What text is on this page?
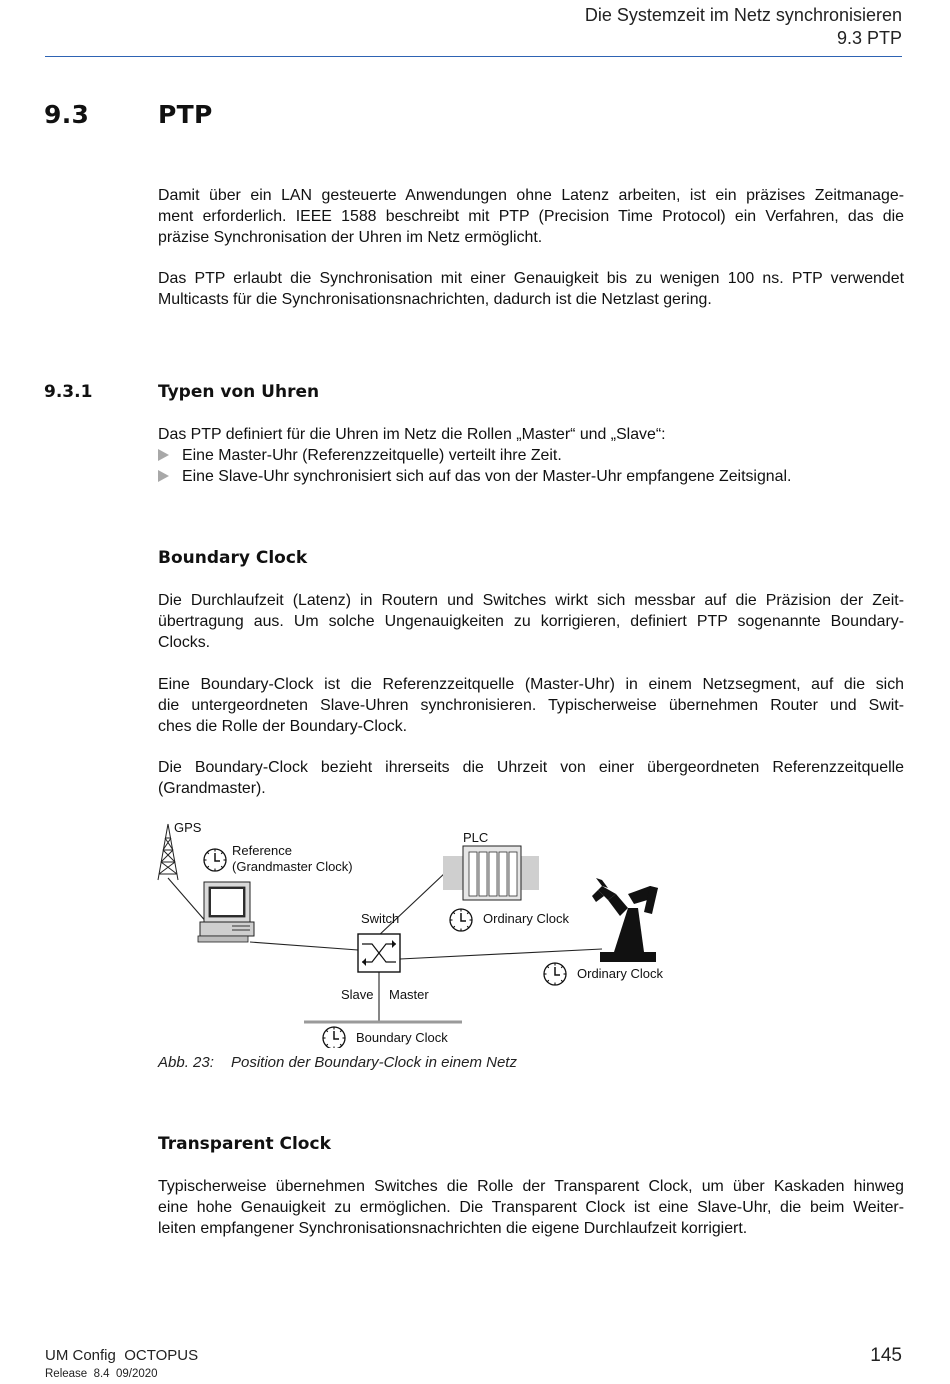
Die Systemzeit im Netz synchronisieren
9.3 PTP
9.3	PTP
Damit über ein LAN gesteuerte Anwendungen ohne Latenz arbeiten, ist ein präzises Zeitmanage-
ment erforderlich. IEEE 1588 beschreibt mit PTP (Precision Time Protocol) ein Verfahren, das die
präzise Synchronisation der Uhren im Netz ermöglicht.
Das PTP erlaubt die Synchronisation mit einer Genauigkeit bis zu wenigen 100 ns. PTP verwendet
Multicasts für die Synchronisationsnachrichten, dadurch ist die Netzlast gering.
9.3.1	Typen von Uhren
Das PTP definiert für die Uhren im Netz die Rollen „Master“ und „Slave“:
Eine Master-Uhr (Referenzzeitquelle) verteilt ihre Zeit.
Eine Slave-Uhr synchronisiert sich auf das von der Master-Uhr empfangene Zeitsignal.
Boundary Clock
Die Durchlaufzeit (Latenz) in Routern und Switches wirkt sich messbar auf die Präzision der Zeit-
übertragung aus. Um solche Ungenauigkeiten zu korrigieren, definiert PTP sogenannte Boundary-
Clocks.
Eine Boundary-Clock ist die Referenzzeitquelle (Master-Uhr) in einem Netzsegment, auf die sich
die untergeordneten Slave-Uhren synchronisieren. Typischerweise übernehmen Router und Swit-
ches die Rolle der Boundary-Clock.
Die Boundary-Clock bezieht ihrerseits die Uhrzeit von einer übergeordneten Referenzzeitquelle
(Grandmaster).
GPS
Reference
(Grandmaster Clock)
PLC
Switch	Ordinary Clock
Ordinary Clock
Slave Master
Boundary Clock
Abb. 23: Position der Boundary-Clock in einem Netz
Transparent Clock
Typischerweise übernehmen Switches die Rolle der Transparent Clock, um über Kaskaden hinweg
eine hohe Genauigkeit zu ermöglichen. Die Transparent Clock ist eine Slave-Uhr, die beim Weiter-
leiten empfangener Synchronisationsnachrichten die eigene Durchlaufzeit korrigiert.
UM Config  OCTOPUS
Release  8.4  09/2020
145
